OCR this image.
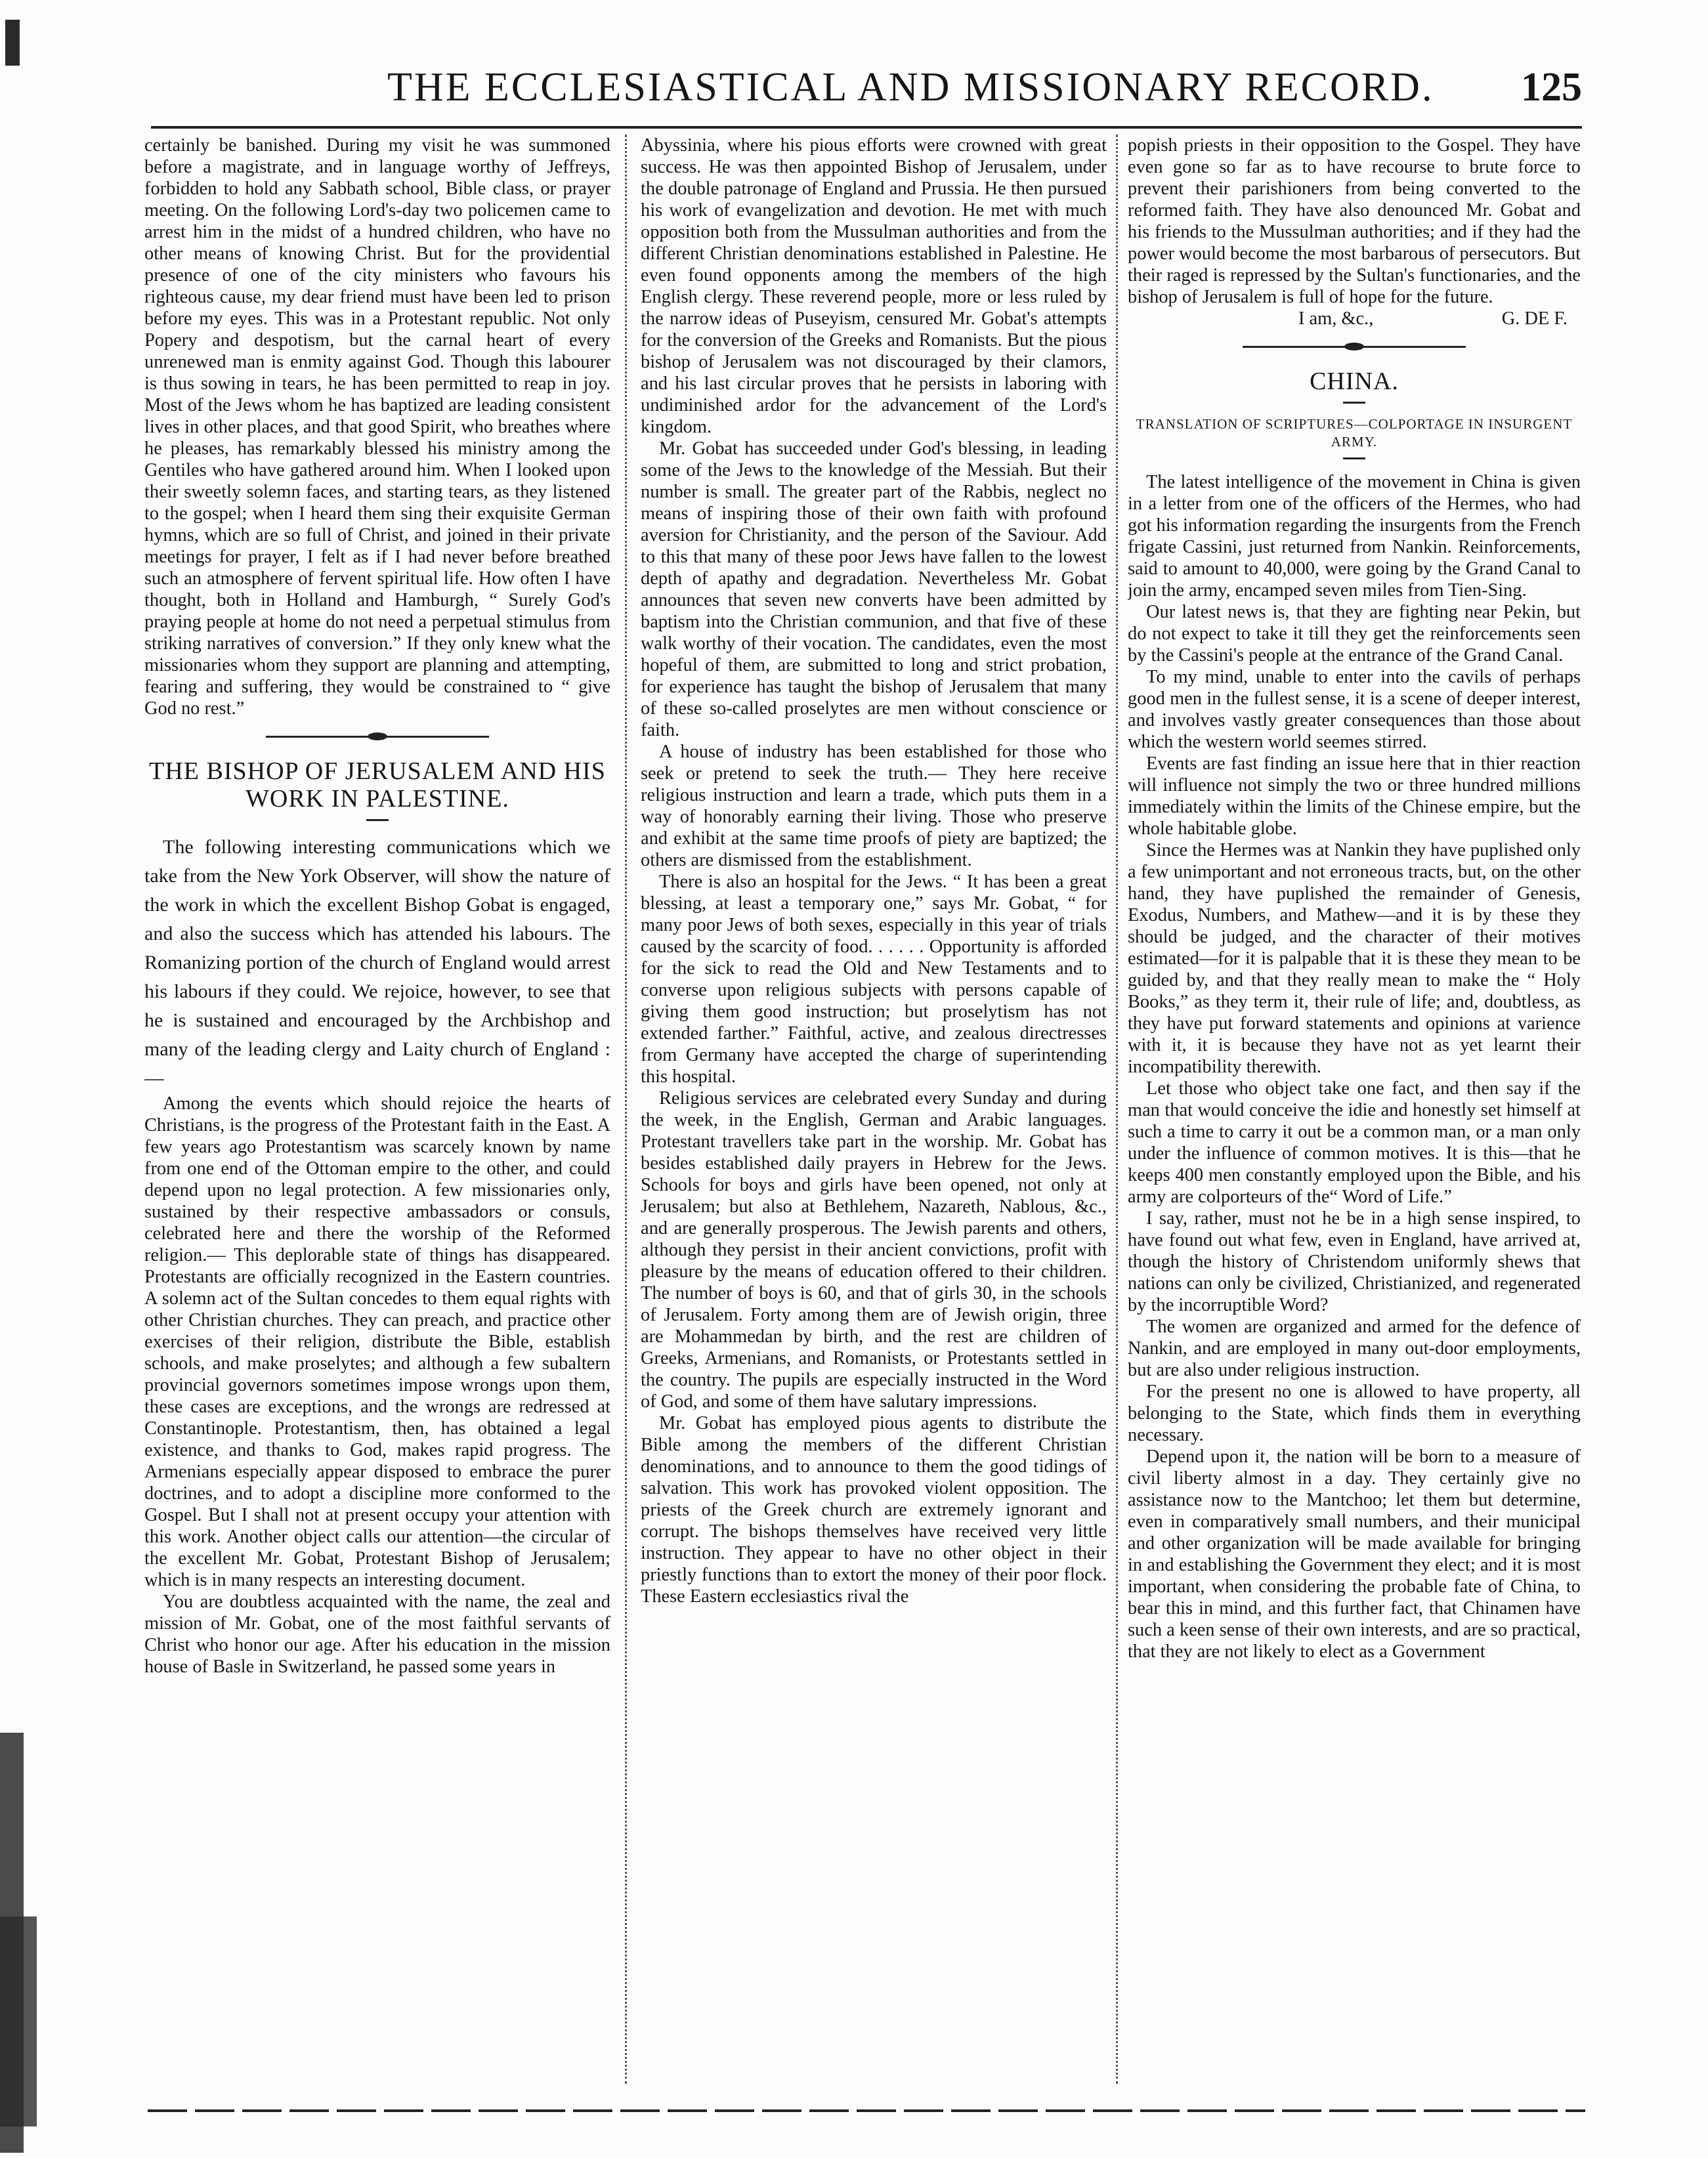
THE ECCLESIASTICAL AND MISSIONARY RECORD. 125

certainly be banished. During my visit he was summoned before a magistrate, and in language worthy of Jeffreys, forbidden to hold any Sabbath school, Bible class, or prayer meeting. On the following Lord's-day two policemen came to arrest him in the midst of a hundred children, who have no other means of knowing Christ. But for the providential presence of one of the city ministers who favours his righteous cause, my dear friend must have been led to prison before my eyes. This was in a Protestant republic. Not only Popery and despotism, but the carnal heart of every unrenewed man is enmity against God. Though this labourer is thus sowing in tears, he has been permitted to reap in joy. Most of the Jews whom he has baptized are leading consistent lives in other places, and that good Spirit, who breathes where he pleases, has remarkably blessed his ministry among the Gentiles who have gathered around him. When I looked upon their sweetly solemn faces, and starting tears, as they listened to the gospel; when I heard them sing their exquisite German hymns, which are so full of Christ, and joined in their private meetings for prayer, I felt as if I had never before breathed such an atmosphere of fervent spiritual life. How often I have thought, both in Holland and Hamburgh, “ Surely God's praying people at home do not need a perpetual stimulus from striking narratives of conversion.” If they only knew what the missionaries whom they support are planning and attempting, fearing and suffering, they would be constrained to “ give God no rest.”

THE BISHOP OF JERUSALEM AND HIS WORK IN PALESTINE.

The following interesting communications which we take from the New York Observer, will show the nature of the work in which the excellent Bishop Gobat is engaged, and also the success which has attended his labours. The Romanizing portion of the church of England would arrest his labours if they could. We rejoice, however, to see that he is sustained and encouraged by the Archbishop and many of the leading clergy and Laity church of England :—

Among the events which should rejoice the hearts of Christians, is the progress of the Protestant faith in the East. A few years ago Protestantism was scarcely known by name from one end of the Ottoman empire to the other, and could depend upon no legal protection. A few missionaries only, sustained by their respective ambassadors or consuls, celebrated here and there the worship of the Reformed religion.— This deplorable state of things has disappeared. Protestants are officially recognized in the Eastern countries. A solemn act of the Sultan concedes to them equal rights with other Christian churches. They can preach, and practice other exercises of their religion, distribute the Bible, establish schools, and make proselytes; and although a few subaltern provincial governors sometimes impose wrongs upon them, these cases are exceptions, and the wrongs are redressed at Constantinople. Protestantism, then, has obtained a legal existence, and thanks to God, makes rapid progress. The Armenians especially appear disposed to embrace the purer doctrines, and to adopt a discipline more conformed to the Gospel. But I shall not at present occupy your attention with this work. Another object calls our attention—the circular of the excellent Mr. Gobat, Protestant Bishop of Jerusalem; which is in many respects an interesting document.

You are doubtless acquainted with the name, the zeal and mission of Mr. Gobat, one of the most faithful servants of Christ who honor our age. After his education in the mission house of Basle in Switzerland, he passed some years in

Abyssinia, where his pious efforts were crowned with great success. He was then appointed Bishop of Jerusalem, under the double patronage of England and Prussia. He then pursued his work of evangelization and devotion. He met with much opposition both from the Mussulman authorities and from the different Christian denominations established in Palestine. He even found opponents among the members of the high English clergy. These reverend people, more or less ruled by the narrow ideas of Puseyism, censured Mr. Gobat's attempts for the conversion of the Greeks and Romanists. But the pious bishop of Jerusalem was not discouraged by their clamors, and his last circular proves that he persists in laboring with undiminished ardor for the advancement of the Lord's kingdom.

Mr. Gobat has succeeded under God's blessing, in leading some of the Jews to the knowledge of the Messiah. But their number is small. The greater part of the Rabbis, neglect no means of inspiring those of their own faith with profound aversion for Christianity, and the person of the Saviour. Add to this that many of these poor Jews have fallen to the lowest depth of apathy and degradation. Nevertheless Mr. Gobat announces that seven new converts have been admitted by baptism into the Christian communion, and that five of these walk worthy of their vocation. The candidates, even the most hopeful of them, are submitted to long and strict probation, for experience has taught the bishop of Jerusalem that many of these so-called proselytes are men without conscience or faith.

A house of industry has been established for those who seek or pretend to seek the truth.— They here receive religious instruction and learn a trade, which puts them in a way of honorably earning their living. Those who preserve and exhibit at the same time proofs of piety are baptized; the others are dismissed from the establishment.

There is also an hospital for the Jews. “ It has been a great blessing, at least a temporary one,” says Mr. Gobat, “ for many poor Jews of both sexes, especially in this year of trials caused by the scarcity of food. . . . . . Opportunity is afforded for the sick to read the Old and New Testaments and to converse upon religious subjects with persons capable of giving them good instruction; but proselytism has not extended farther.” Faithful, active, and zealous directresses from Germany have accepted the charge of superintending this hospital.

Religious services are celebrated every Sunday and during the week, in the English, German and Arabic languages. Protestant travellers take part in the worship. Mr. Gobat has besides established daily prayers in Hebrew for the Jews. Schools for boys and girls have been opened, not only at Jerusalem; but also at Bethlehem, Nazareth, Nablous, &c., and are generally prosperous. The Jewish parents and others, although they persist in their ancient convictions, profit with pleasure by the means of education offered to their children. The number of boys is 60, and that of girls 30, in the schools of Jerusalem. Forty among them are of Jewish origin, three are Mohammedan by birth, and the rest are children of Greeks, Armenians, and Romanists, or Protestants settled in the country. The pupils are especially instructed in the Word of God, and some of them have salutary impressions.

Mr. Gobat has employed pious agents to distribute the Bible among the members of the different Christian denominations, and to announce to them the good tidings of salvation. This work has provoked violent opposition. The priests of the Greek church are extremely ignorant and corrupt. The bishops themselves have received very little instruction. They appear to have no other object in their priestly functions than to extort the money of their poor flock. These Eastern ecclesiastics rival the

popish priests in their opposition to the Gospel. They have even gone so far as to have recourse to brute force to prevent their parishioners from being converted to the reformed faith. They have also denounced Mr. Gobat and his friends to the Mussulman authorities; and if they had the power would become the most barbarous of persecutors. But their raged is repressed by the Sultan's functionaries, and the bishop of Jerusalem is full of hope for the future.

I am, &c.,	G. DE F.

CHINA.
TRANSLATION OF SCRIPTURES—COLPORTAGE IN INSURGENT ARMY.

The latest intelligence of the movement in China is given in a letter from one of the officers of the Hermes, who had got his information regarding the insurgents from the French frigate Cassini, just returned from Nankin. Reinforcements, said to amount to 40,000, were going by the Grand Canal to join the army, encamped seven miles from Tien-Sing.

Our latest news is, that they are fighting near Pekin, but do not expect to take it till they get the reinforcements seen by the Cassini's people at the entrance of the Grand Canal.

To my mind, unable to enter into the cavils of perhaps good men in the fullest sense, it is a scene of deeper interest, and involves vastly greater consequences than those about which the western world seemes stirred.

Events are fast finding an issue here that in thier reaction will influence not simply the two or three hundred millions immediately within the limits of the Chinese empire, but the whole habitable globe.

Since the Hermes was at Nankin they have puplished only a few unimportant and not erroneous tracts, but, on the other hand, they have puplished the remainder of Genesis, Exodus, Numbers, and Mathew—and it is by these they should be judged, and the character of their motives estimated—for it is palpable that it is these they mean to be guided by, and that they really mean to make the “ Holy Books,” as they term it, their rule of life; and, doubtless, as they have put forward statements and opinions at varience with it, it is because they have not as yet learnt their incompatibility therewith.

Let those who object take one fact, and then say if the man that would conceive the idie and honestly set himself at such a time to carry it out be a common man, or a man only under the influence of common motives. It is this—that he keeps 400 men constantly employed upon the Bible, and his army are colporteurs of the“ Word of Life.”

I say, rather, must not he be in a high sense inspired, to have found out what few, even in England, have arrived at, though the history of Christendom uniformly shews that nations can only be civilized, Christianized, and regenerated by the incorruptible Word?

The women are organized and armed for the defence of Nankin, and are employed in many out-door employments, but are also under religious instruction.

For the present no one is allowed to have property, all belonging to the State, which finds them in everything necessary.

Depend upon it, the nation will be born to a measure of civil liberty almost in a day. They certainly give no assistance now to the Mantchoo; let them but determine, even in comparatively small numbers, and their municipal and other organization will be made available for bringing in and establishing the Government they elect; and it is most important, when considering the probable fate of China, to bear this in mind, and this further fact, that Chinamen have such a keen sense of their own interests, and are so practical, that they are not likely to elect as a Government
